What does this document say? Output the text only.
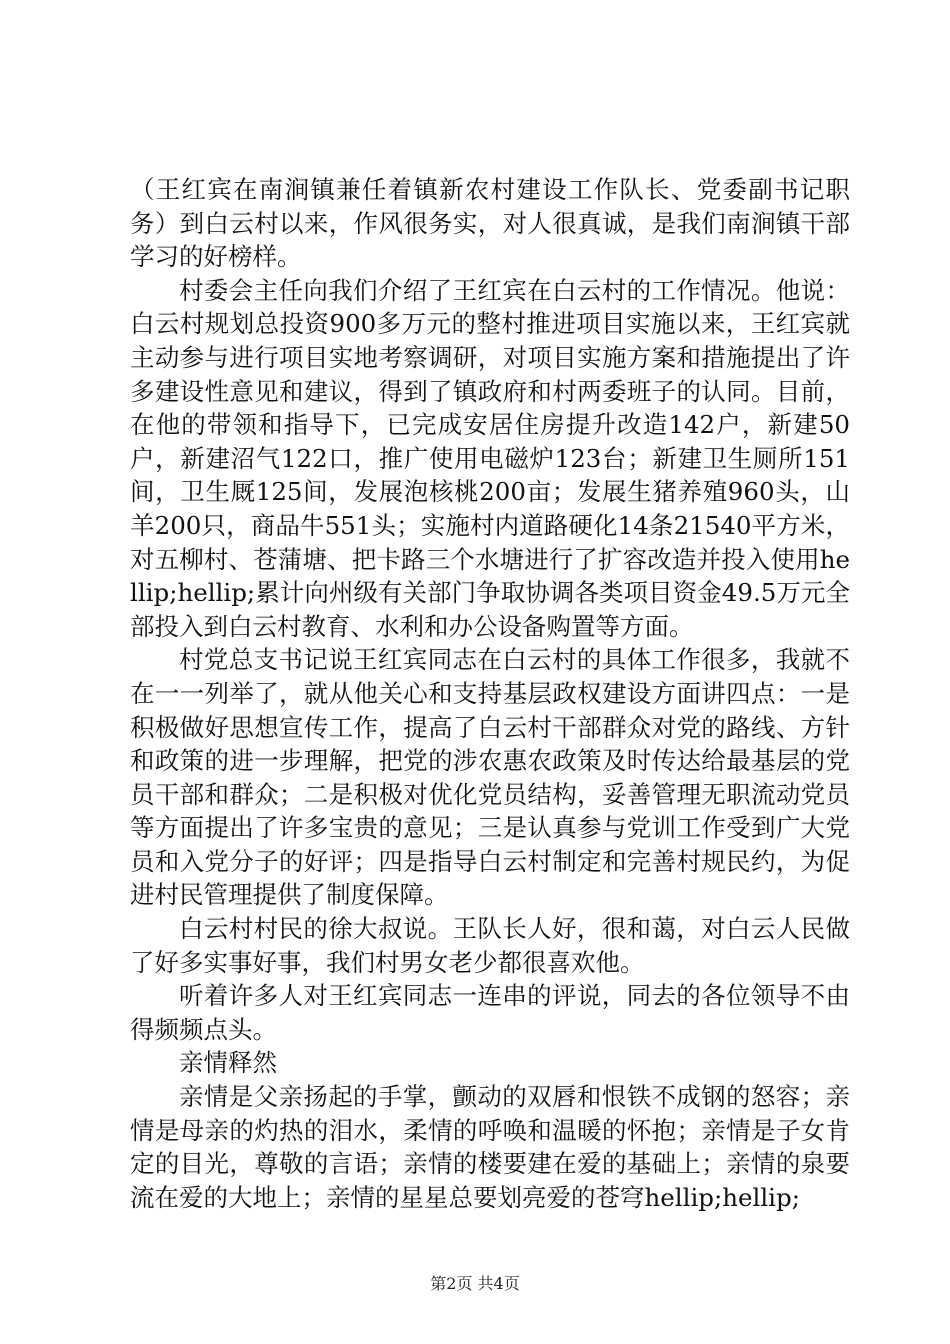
（王红宾在南涧镇兼任着镇新农村建设工作队长、党委副书记职务）到白云村以来，作风很务实，对人很真诚，是我们南涧镇干部学习的好榜样。

村委会主任向我们介绍了王红宾在白云村的工作情况。他说：白云村规划总投资900多万元的整村推进项目实施以来，王红宾就主动参与进行项目实地考察调研，对项目实施方案和措施提出了许多建设性意见和建议，得到了镇政府和村两委班子的认同。目前，在他的带领和指导下，已完成安居住房提升改造142户，新建50户，新建沼气122口，推广使用电磁炉123台；新建卫生厕所151间，卫生厩125间，发展泡核桃200亩；发展生猪养殖960头，山羊200只，商品牛551头；实施村内道路硬化14条21540平方米，对五柳村、苍蒲塘、把卡路三个水塘进行了扩容改造并投入使用hellip;hellip;累计向州级有关部门争取协调各类项目资金49.5万元全部投入到白云村教育、水利和办公设备购置等方面。

村党总支书记说王红宾同志在白云村的具体工作很多，我就不在一一列举了，就从他关心和支持基层政权建设方面讲四点：一是积极做好思想宣传工作，提高了白云村干部群众对党的路线、方针和政策的进一步理解，把党的涉农惠农政策及时传达给最基层的党员干部和群众；二是积极对优化党员结构，妥善管理无职流动党员等方面提出了许多宝贵的意见；三是认真参与党训工作受到广大党员和入党分子的好评；四是指导白云村制定和完善村规民约，为促进村民管理提供了制度保障。

白云村村民的徐大叔说。王队长人好，很和蔼，对白云人民做了好多实事好事，我们村男女老少都很喜欢他。

听着许多人对王红宾同志一连串的评说，同去的各位领导不由得频频点头。

亲情释然

亲情是父亲扬起的手掌，颤动的双唇和恨铁不成钢的怒容；亲情是母亲的灼热的泪水，柔情的呼唤和温暖的怀抱；亲情是子女肯定的目光，尊敬的言语；亲情的楼要建在爱的基础上；亲情的泉要流在爱的大地上；亲情的星星总要划亮爱的苍穹hellip;hellip;

第2页 共4页
